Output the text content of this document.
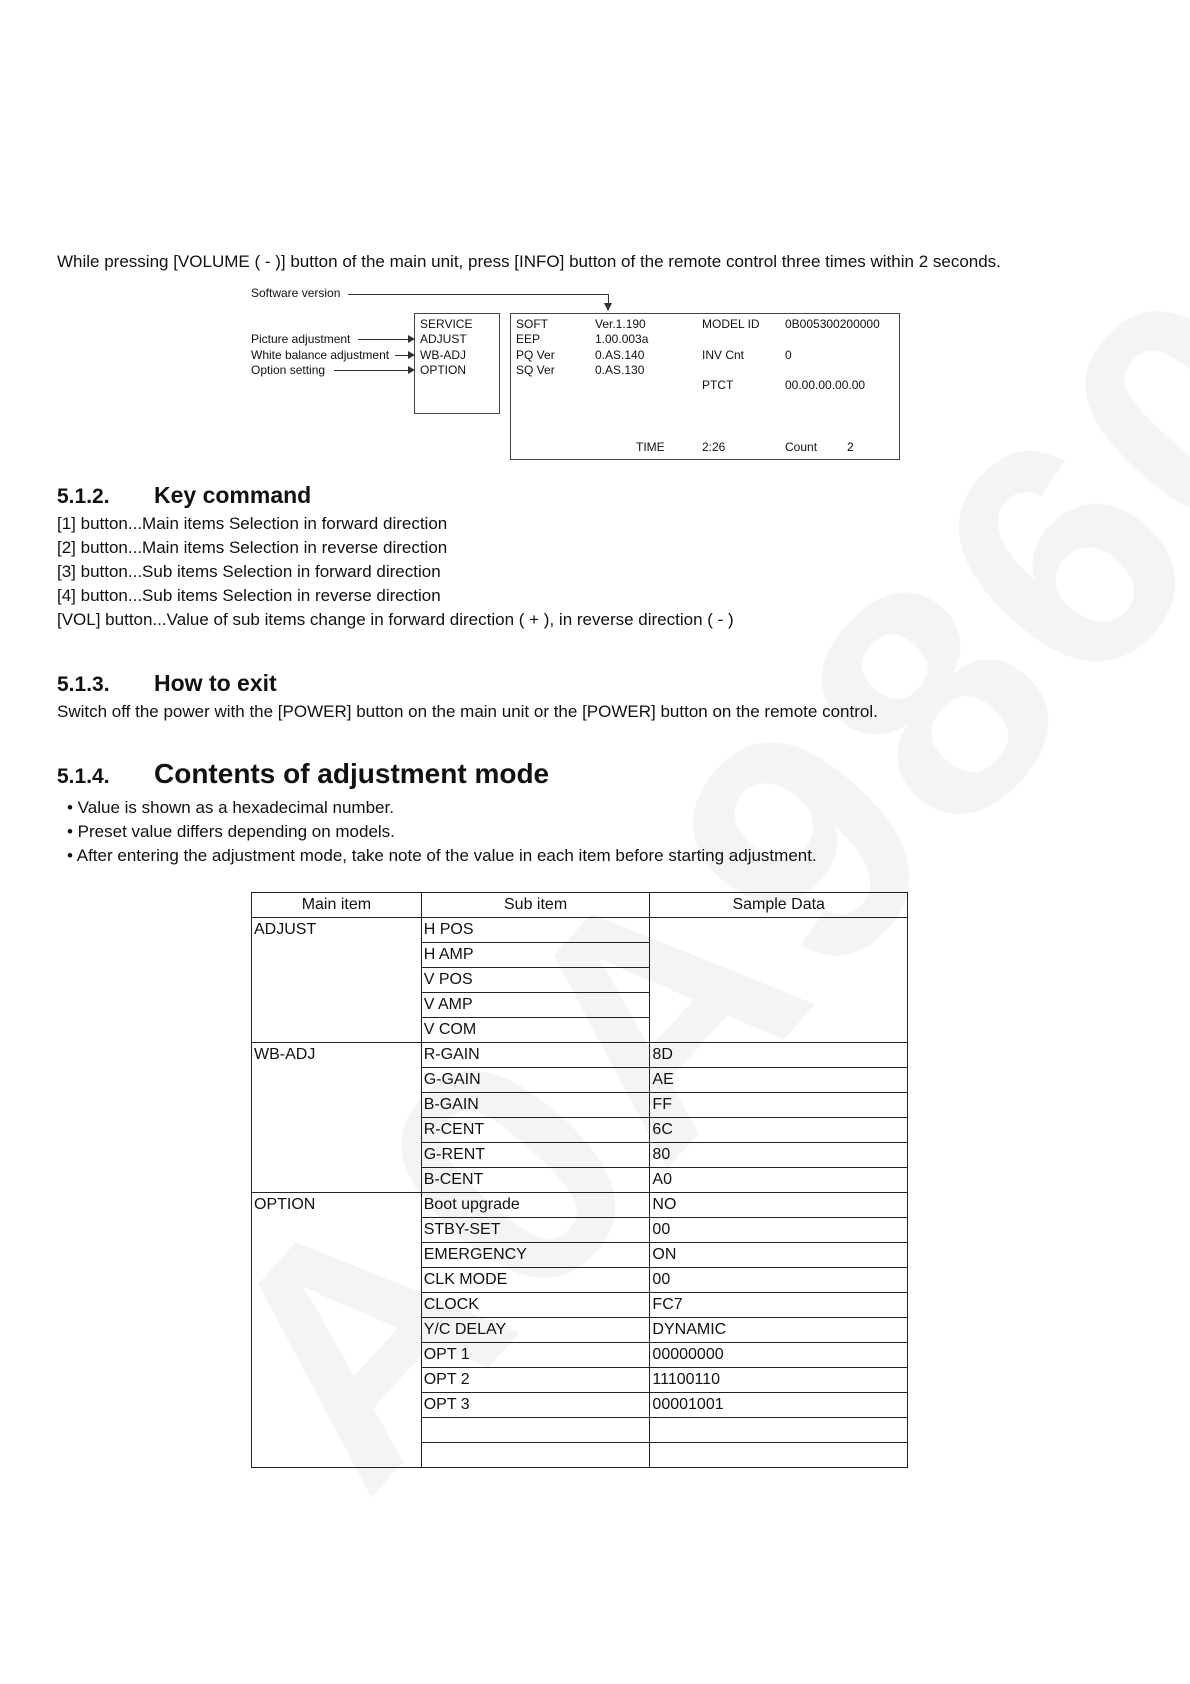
While pressing [VOLUME ( - )] button of the main unit, press [INFO] button of the remote control three times within 2 seconds.
Software version
Picture adjustment
White balance adjustment
Option setting
SERVICE
ADJUST
WB-ADJ
OPTION
SOFT	Ver.1.190
EEP	1.00.003a
PQ Ver	0.AS.140
SQ Ver	0.AS.130
MODEL ID 0B005300200000
INV Cnt	0
PTCT	00.00.00.00.00
TIME	2:26	Count 2
5.1.2. Key command
[1] button...Main items Selection in forward direction
[2] button...Main items Selection in reverse direction
[3] button...Sub items Selection in forward direction
[4] button...Sub items Selection in reverse direction
[VOL] button...Value of sub items change in forward direction ( + ), in reverse direction ( - )
5.1.3. How to exit
Switch off the power with the [POWER] button on the main unit or the [POWER] button on the remote control.
5.1.4. Contents of adjustment mode
• Value is shown as a hexadecimal number.
• Preset value differs depending on models.
• After entering the adjustment mode, take note of the value in each item before starting adjustment.
Main item	Sub item	Sample Data
ADJUST	H POS	
	H AMP	
	V POS	
	V AMP	
	V COM	
WB-ADJ	R-GAIN	8D
	G-GAIN	AE
	B-GAIN	FF
	R-CENT	6C
	G-RENT	80
	B-CENT	A0
OPTION	Boot upgrade	NO
	STBY-SET	00
	EMERGENCY	ON
	CLK MODE	00
	CLOCK	FC7
	Y/C DELAY	DYNAMIC
	OPT 1	00000000
	OPT 2	11100110
	OPT 3	00001001
